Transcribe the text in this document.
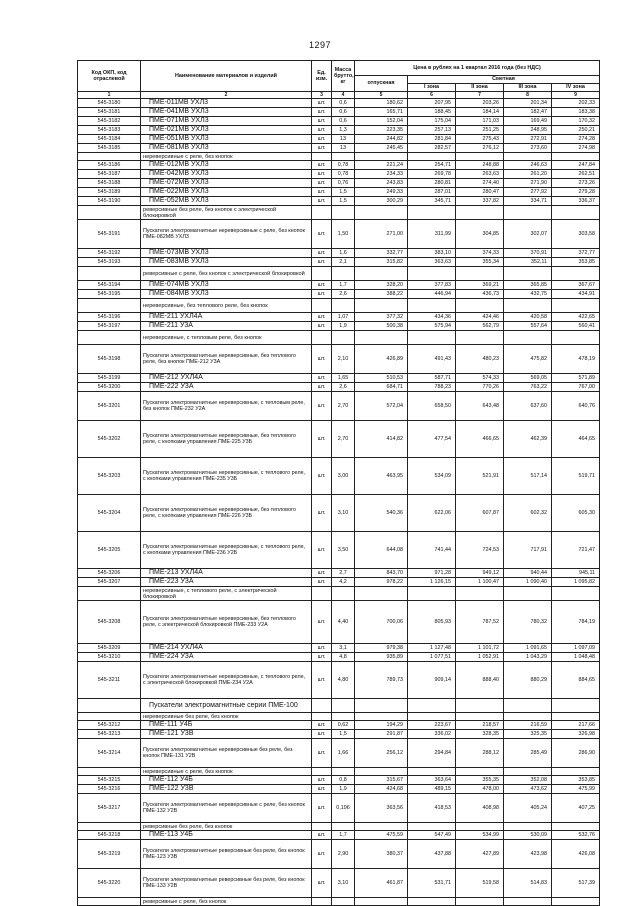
1297
Код ОКП, код отраслевой	Наименование материалов и изделий	Ед. изм.	Масса брутто, кг	Цена в рублях на 1 квартал 2016 года (без НДС)				
				отпускная	Сметная			
					I зона	II зона	III зона	IV зона
1	2	3	4	5	6	7	8	9
545-3180	ПМЕ-011МВ УХЛ3	шт.	0,6	180,62	207,95	203,26	201,34	202,33
545-3181	ПМЕ-041МВ УХЛ3	шт.	0,6	165,71	188,45	184,14	182,47	183,38
545-3182	ПМЕ-071МВ УХЛ3	шт.	0,6	152,04	175,04	171,03	169,49	170,32
545-3183	ПМЕ-021МВ УХЛ3	шт.	1,3	223,35	257,13	251,25	248,95	250,21
545-3184	ПМЕ-051МВ УХЛ3	шт.	13	244,82	281,84	275,43	272,91	274,28
545-3185	ПМЕ-081МВ УХЛ3	шт.	13	245,45	282,57	276,12	273,60	274,98
	нереверсивные с реле, без кнопок							
545-3186	ПМЕ-012МВ УХЛ3	шт.	0,78	221,24	254,71	248,88	246,63	247,84
545-3187	ПМЕ-042МВ УХЛ3	шт.	0,78	234,33	269,78	263,63	261,20	262,51
545-3188	ПМЕ-072МВ УХЛ3	шт.	0,76	243,83	280,81	274,40	271,90	273,26
545-3189	ПМЕ-022МВ УХЛ3	шт.	1,5	249,33	287,01	280,47	277,92	279,28
545-3190	ПМЕ-052МВ УХЛ3	шт.	1,5	300,29	345,71	337,82	334,71	336,37
	реверсивные без реле, без кнопок с электрической блокировкой							
545-3191	Пускатели электромагнитные нереверсивные с реле, без кнопок ПМЕ-082МВ УХЛ3	шт.	1,50	271,00	311,99	304,85	302,07	303,58
545-3192	ПМЕ-073МВ УХЛ3	шт.	1,6	332,77	383,10	374,33	370,91	372,77
545-3193	ПМЕ-083МВ УХЛ3	шт.	2,1	315,82	363,63	355,34	352,11	353,85
	реверсивные с реле, без кнопок с электрической блокировкой							
545-3194	ПМЕ-074МВ УХЛ3	шт.	1,7	328,20	377,83	369,21	365,85	367,67
545-3195	ПМЕ-084МВ УХЛ3	шт.	2,6	388,22	446,94	436,73	432,75	434,91
	нереверсивные, без теплового реле, без кнопок							
545-3196	ПМЕ-211 УХЛ4А	шт.	1,07	377,32	434,36	424,46	420,58	422,65
545-3197	ПМЕ-211 У3А	шт.	1,9	500,38	575,94	562,79	557,64	560,41
	нереверсивные, с тепловым реле, без кнопок							
545-3198	Пускатели электромагнитные нереверсивные, без теплового реле, без кнопок ПМЕ-212 У3А	шт.	2,10	426,89	491,43	480,23	475,82	478,19
545-3199	ПМЕ-212 УХЛ4А	шт.	1,65	510,53	587,71	574,33	569,05	571,89
545-3200	ПМЕ-222 У3А	шт.	2,6	684,71	788,23	770,26	763,22	767,00
545-3201	Пускатели электромагнитные нереверсивные, с тепловым реле, без кнопок ПМЕ-232 У2А	шт.	2,70	572,04	658,50	643,48	637,60	640,76
545-3202	Пускатели электромагнитные нереверсивные, без теплового реле, с кнопками управления ПМЕ-225 У3Б	шт.	2,70	414,82	477,54	466,65	462,39	464,65
545-3203	Пускатели электромагнитные нереверсивные, с теплового реле, с кнопками управления ПМЕ-235 У3Б	шт.	3,00	463,95	534,09	521,91	517,14	519,71
545-3204	Пускатели электромагнитные нереверсивные, без теплового реле, с кнопками управления ПМЕ-226 У3Б	шт.	3,10	540,36	622,06	607,87	602,32	605,30
545-3205	Пускатели электромагнитные нереверсивные, с теплового реле, с кнопками управления ПМЕ-236 У2Б	шт.	3,50	644,08	741,44	724,53	717,91	721,47
545-3206	ПМЕ-213 УХЛ4А	шт.	2,7	843,70	971,28	949,12	940,44	945,11
545-3207	ПМЕ-223 У3А	шт.	4,2	978,22	1 126,15	1 100,47	1 090,40	1 095,82
	нереверсивные, с теплового реле, с электрической блокировкой							
545-3208	Пускатели электромагнитные нереверсивные, без теплового реле, с электрической блокировкой ПМЕ-233 У2А	шт.	4,40	700,06	805,93	787,52	780,32	784,19
545-3209	ПМЕ-214 УХЛ4А	шт.	3,1	979,38	1 127,48	1 101,72	1 091,65	1 097,09
545-3210	ПМЕ-224 У3А	шт.	4,8	935,89	1 077,51	1 052,91	1 043,29	1 048,48
545-3211	Пускатели электромагнитные нереверсивные, с теплового реле, с электрической блокировкой ПМЕ-234 У2А	шт.	4,80	789,73	909,14	888,40	880,29	884,65
	Пускатели электромагнитные серии ПМЕ-100							
	нереверсивные без реле, без кнопок							
545-3212	ПМЕ-111 У4Б	шт.	0,62	194,29	223,67	218,57	216,59	217,66
545-3213	ПМЕ-121 У3В	шт.	1,5	291,87	336,02	328,35	325,35	326,98
545-3214	Пускатели электромагнитные нереверсивные без реле, без кнопок ПМЕ-131 У2В	шт.	1,66	256,12	294,84	288,12	285,49	286,90
	нереверсивные с реле, без кнопок							
545-3215	ПМЕ-112 У4Б	шт.	0,8	315,67	363,64	355,35	352,08	353,85
545-3216	ПМЕ-122 У3В	шт.	1,9	424,68	489,15	478,00	473,62	475,99
545-3217	Пускатели электромагнитные нереверсивные с реле, без кнопок ПМЕ-132 У2В	шт.	0,196	363,56	418,53	408,98	405,24	407,25
	реверсивные без реле, без кнопок							
545-3218	ПМЕ-113 У4Б	шт.	1,7	475,59	547,49	534,99	530,09	532,76
545-3219	Пускатели электромагнитные реверсивные без реле, без кнопок ПМЕ-123 У3В	шт.	2,90	380,37	437,88	427,89	423,98	426,08
545-3220	Пускатели электромагнитные реверсивные без реле, без кнопок ПМЕ-133 У2В	шт.	3,10	461,87	531,71	519,58	514,83	517,39
	реверсивные с реле, без кнопок							
